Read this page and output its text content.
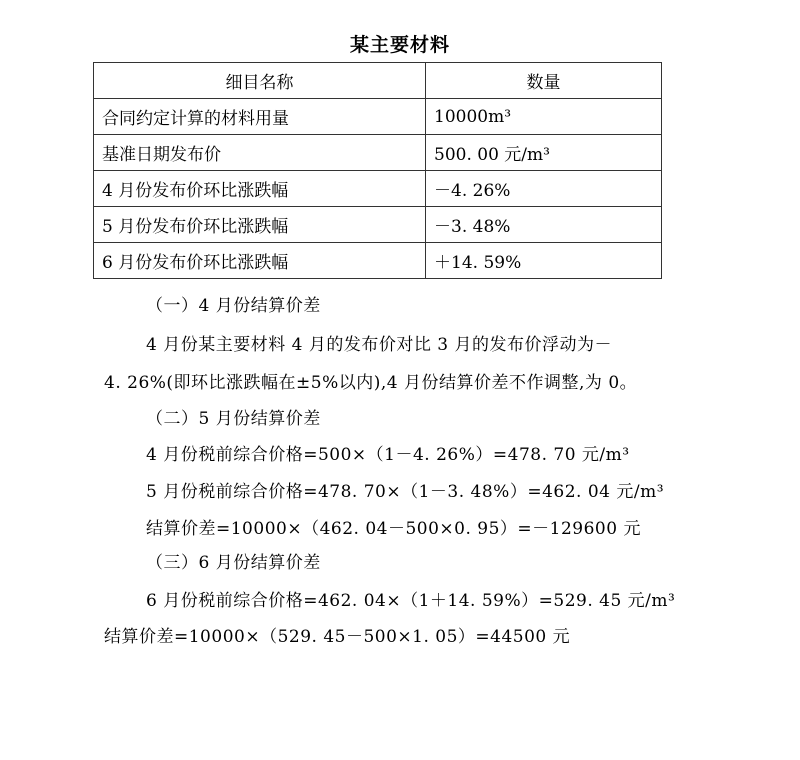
某主要材料
细目名称	数量
合同约定计算的材料用量	10000m³
基准日期发布价	500. 00 元/m³
4 月份发布价环比涨跌幅	－4. 26%
5 月份发布价环比涨跌幅	－3. 48%
6 月份发布价环比涨跌幅	＋14. 59%
（一）4 月份结算价差
4 月份某主要材料 4 月的发布价对比 3 月的发布价浮动为－
4. 26%(即环比涨跌幅在±5%以内),4 月份结算价差不作调整,为 0。
（二）5 月份结算价差
4 月份税前综合价格=500×（1－4. 26%）=478. 70 元/m³
5 月份税前综合价格=478. 70×（1－3. 48%）=462. 04 元/m³
结算价差=10000×（462. 04－500×0. 95）=－129600 元
（三）6 月份结算价差
6 月份税前综合价格=462. 04×（1＋14. 59%）=529. 45 元/m³
结算价差=10000×（529. 45－500×1. 05）=44500 元
